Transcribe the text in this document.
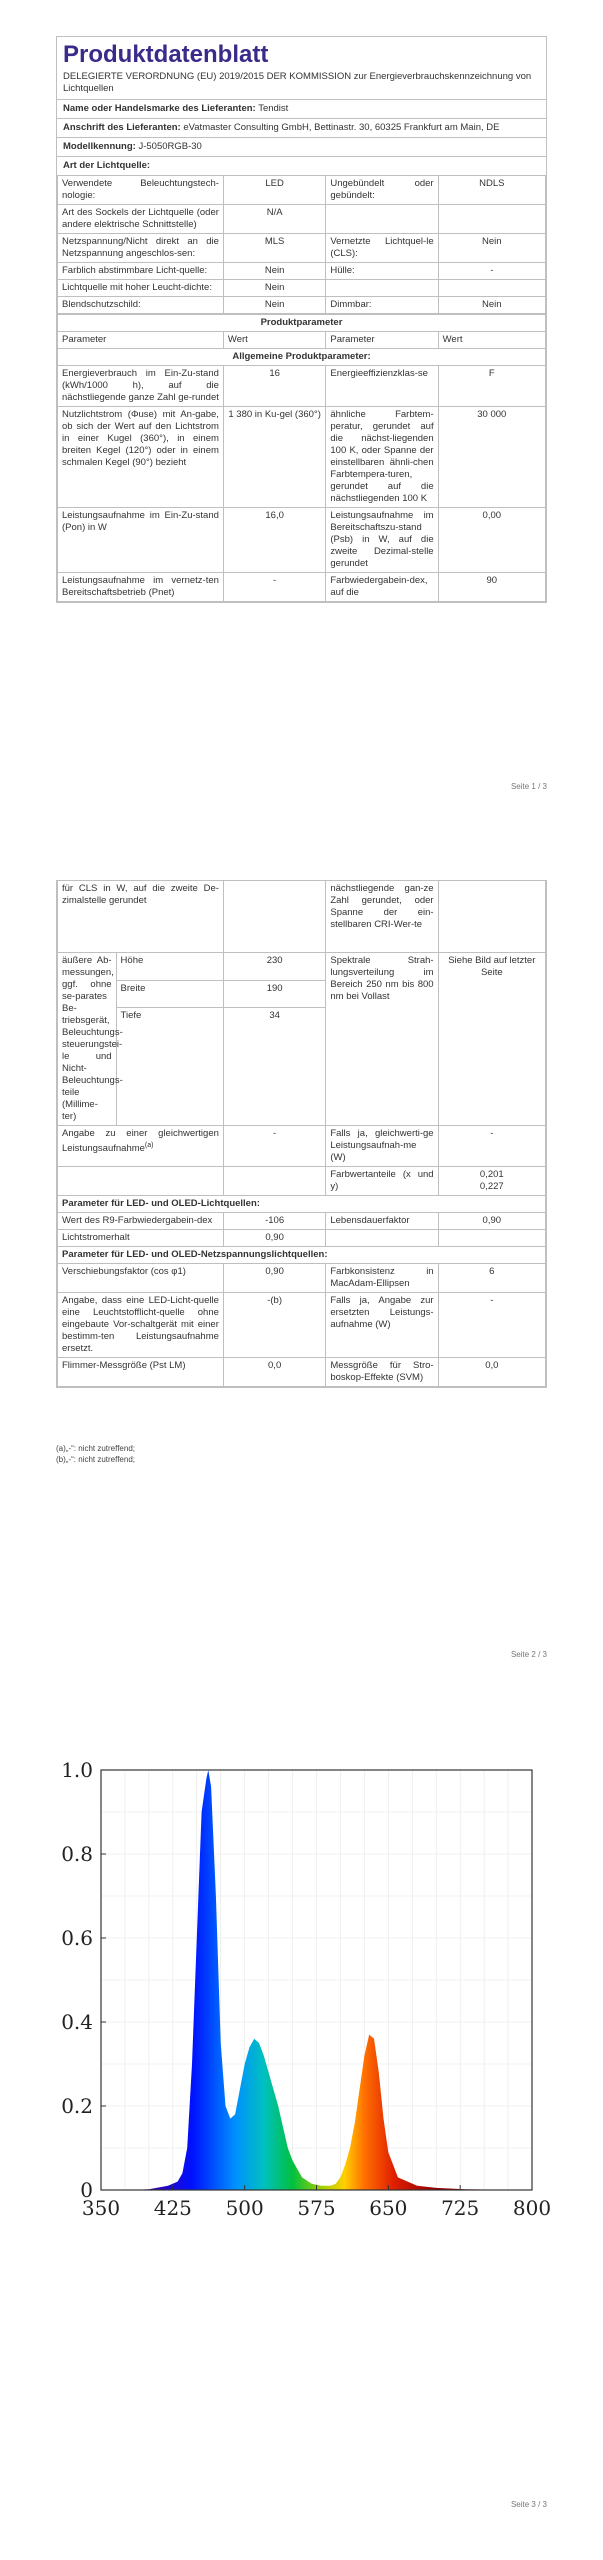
Produktdatenblatt
DELEGIERTE VERORDNUNG (EU) 2019/2015 DER KOMMISSION zur Energieverbrauchskennzeichnung von Lichtquellen
Name oder Handelsmarke des Lieferanten: Tendist
Anschrift des Lieferanten: eVatmaster Consulting GmbH, Bettinastr. 30, 60325 Frankfurt am Main, DE
Modellkennung: J-5050RGB-30
Art der Lichtquelle:
Verwendete Beleuchtungstech-nologie:	LED	Ungebündelt oder gebündelt:	NDLS
Art des Sockels der Lichtquelle (oder andere elektrische Schnittstelle)	N/A		
Netzspannung/Nicht direkt an die Netzspannung angeschlos-sen:	MLS	Vernetzte Lichtquel-le (CLS):	Nein
Farblich abstimmbare Licht-quelle:	Nein	Hülle:	-
Lichtquelle mit hoher Leucht-dichte:	Nein		
Blendschutzschild:	Nein	Dimmbar:	Nein
Produktparameter			
Parameter	Wert	Parameter	Wert
Allgemeine Produktparameter:			
Energieverbrauch im Ein-Zu-stand (kWh/1000 h), auf die nächstliegende ganze Zahl ge-rundet	16	Energieeffizienzklas-se	F
Nutzlichtstrom (Φuse) mit An-gabe, ob sich der Wert auf den Lichtstrom in einer Kugel (360°), in einem breiten Kegel (120°) oder in einem schmalen Kegel (90°) bezieht	1 380 in Ku-gel (360°)	ähnliche Farbtem-peratur, gerundet auf die nächst-liegenden 100 K, oder Spanne der einstellbaren ähnli-chen Farbtempera-turen, gerundet auf die nächstliegenden 100 K	30 000
Leistungsaufnahme im Ein-Zu-stand (Pon) in W	16,0	Leistungsaufnahme im Bereitschaftszu-stand (Psb) in W, auf die zweite Dezimal-stelle gerundet	0,00
Leistungsaufnahme im vernetz-ten Bereitschaftsbetrieb (Pnet)	-	Farbwiedergabein-dex, auf die	90
Seite 1 / 3
für CLS in W, auf die zweite De-zimalstelle gerundet			nächstliegende gan-ze Zahl gerundet, oder Spanne der ein-stellbaren CRI-Wer-te	
äußere Ab-messungen, ggf. ohne se-parates Be-triebsgerät, Beleuchtungs-steuerungstei-le und Nicht-Beleuchtungs-teile (Millime-ter)	Höhe	230	Spektrale Strah-lungsverteilung im Bereich 250 nm bis 800 nm bei Vollast	Siehe Bild auf letzter Seite
	Breite	190		
	Tiefe	34		
Angabe zu einer gleichwertigen Leistungsaufnahme$^{(a)}$		-	Falls ja, gleichwerti-ge Leistungsaufnah-me (W)	-
			Farbwertanteile (x und y)	0,201
0,227
Parameter für LED- und OLED-Lichtquellen:				
Wert des R9-Farbwiedergabein-dex		-106	Lebensdauerfaktor	0,90
Lichtstromerhalt		0,90		
Parameter für LED- und OLED-Netzspannungslichtquellen:				
Verschiebungsfaktor (cos φ1)		0,90	Farbkonsistenz in MacAdam-Ellipsen	6
Angabe, dass eine LED-Licht-quelle eine Leuchtstofflicht-quelle ohne eingebaute Vor-schaltgerät mit einer bestimm-ten Leistungsaufnahme ersetzt.		-(b)	Falls ja, Angabe zur ersetzten Leistungs-aufnahme (W)	-
Flimmer-Messgröße (Pst LM)		0,0	Messgröße für Stro-boskop-Effekte (SVM)	0,0
(a)„-“: nicht zutreffend;
(b)„-“: nicht zutreffend;
Seite 2 / 3
350 425 500 575 650 725 800
0
0.2
0.4
0.6
0.8
1.0
Seite 3 / 3
